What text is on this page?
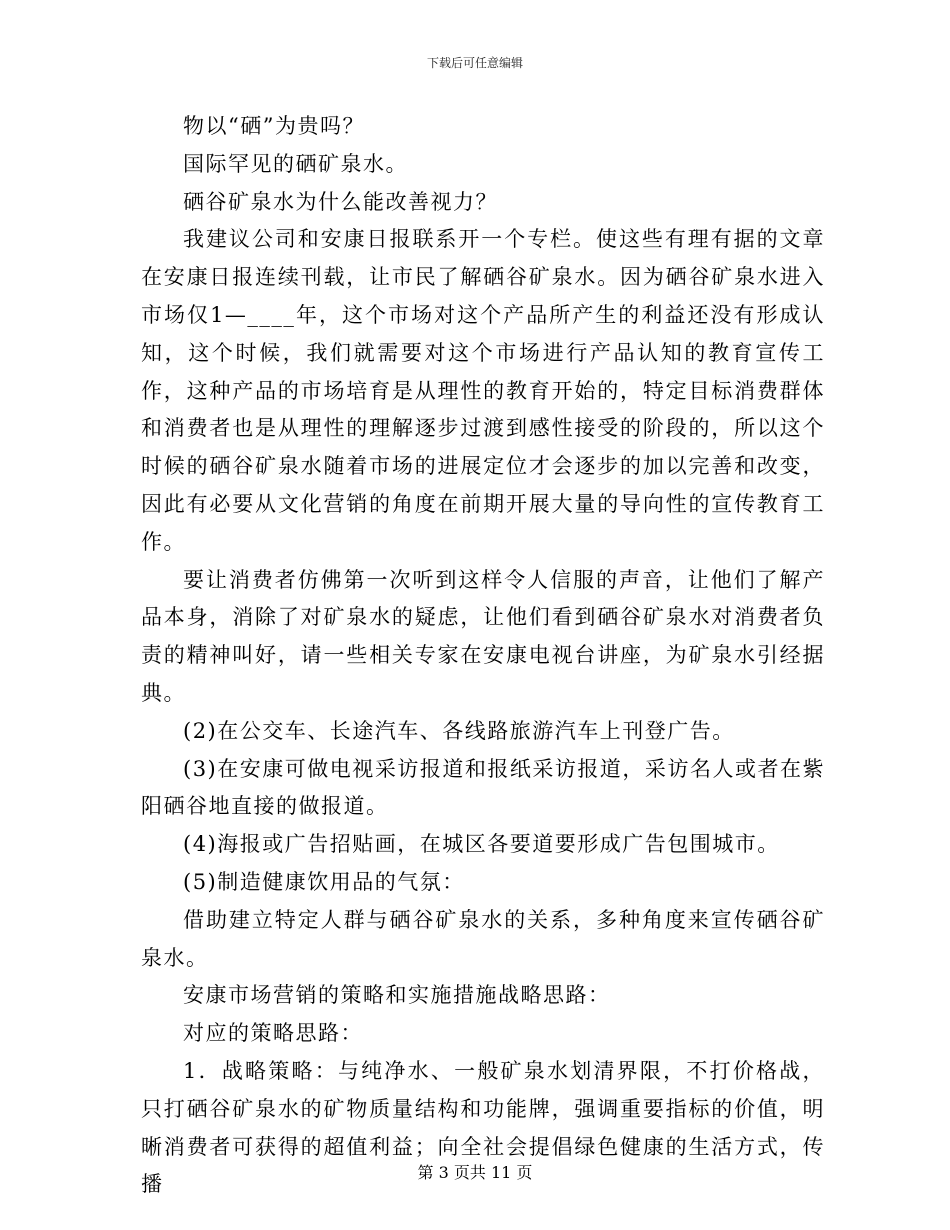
下载后可任意编辑

物以“硒”为贵吗？

国际罕见的硒矿泉水。

硒谷矿泉水为什么能改善视力？

我建议公司和安康日报联系开一个专栏。使这些有理有据的文章在安康日报连续刊载，让市民了解硒谷矿泉水。因为硒谷矿泉水进入市场仅1—____年，这个市场对这个产品所产生的利益还没有形成认知，这个时候，我们就需要对这个市场进行产品认知的教育宣传工作，这种产品的市场培育是从理性的教育开始的，特定目标消费群体和消费者也是从理性的理解逐步过渡到感性接受的阶段的，所以这个时候的硒谷矿泉水随着市场的进展定位才会逐步的加以完善和改变，因此有必要从文化营销的角度在前期开展大量的导向性的宣传教育工作。

要让消费者仿佛第一次听到这样令人信服的声音，让他们了解产品本身，消除了对矿泉水的疑虑，让他们看到硒谷矿泉水对消费者负责的精神叫好，请一些相关专家在安康电视台讲座，为矿泉水引经据典。

(2)在公交车、长途汽车、各线路旅游汽车上刊登广告。

(3)在安康可做电视采访报道和报纸采访报道，采访名人或者在紫阳硒谷地直接的做报道。

(4)海报或广告招贴画，在城区各要道要形成广告包围城市。

(5)制造健康饮用品的气氛：

借助建立特定人群与硒谷矿泉水的关系，多种角度来宣传硒谷矿泉水。

安康市场营销的策略和实施措施战略思路：

对应的策略思路：

1．战略策略：与纯净水、一般矿泉水划清界限，不打价格战，只打硒谷矿泉水的矿物质量结构和功能牌，强调重要指标的价值，明晰消费者可获得的超值利益；向全社会提倡绿色健康的生活方式，传播	第 3 页共 11 页
